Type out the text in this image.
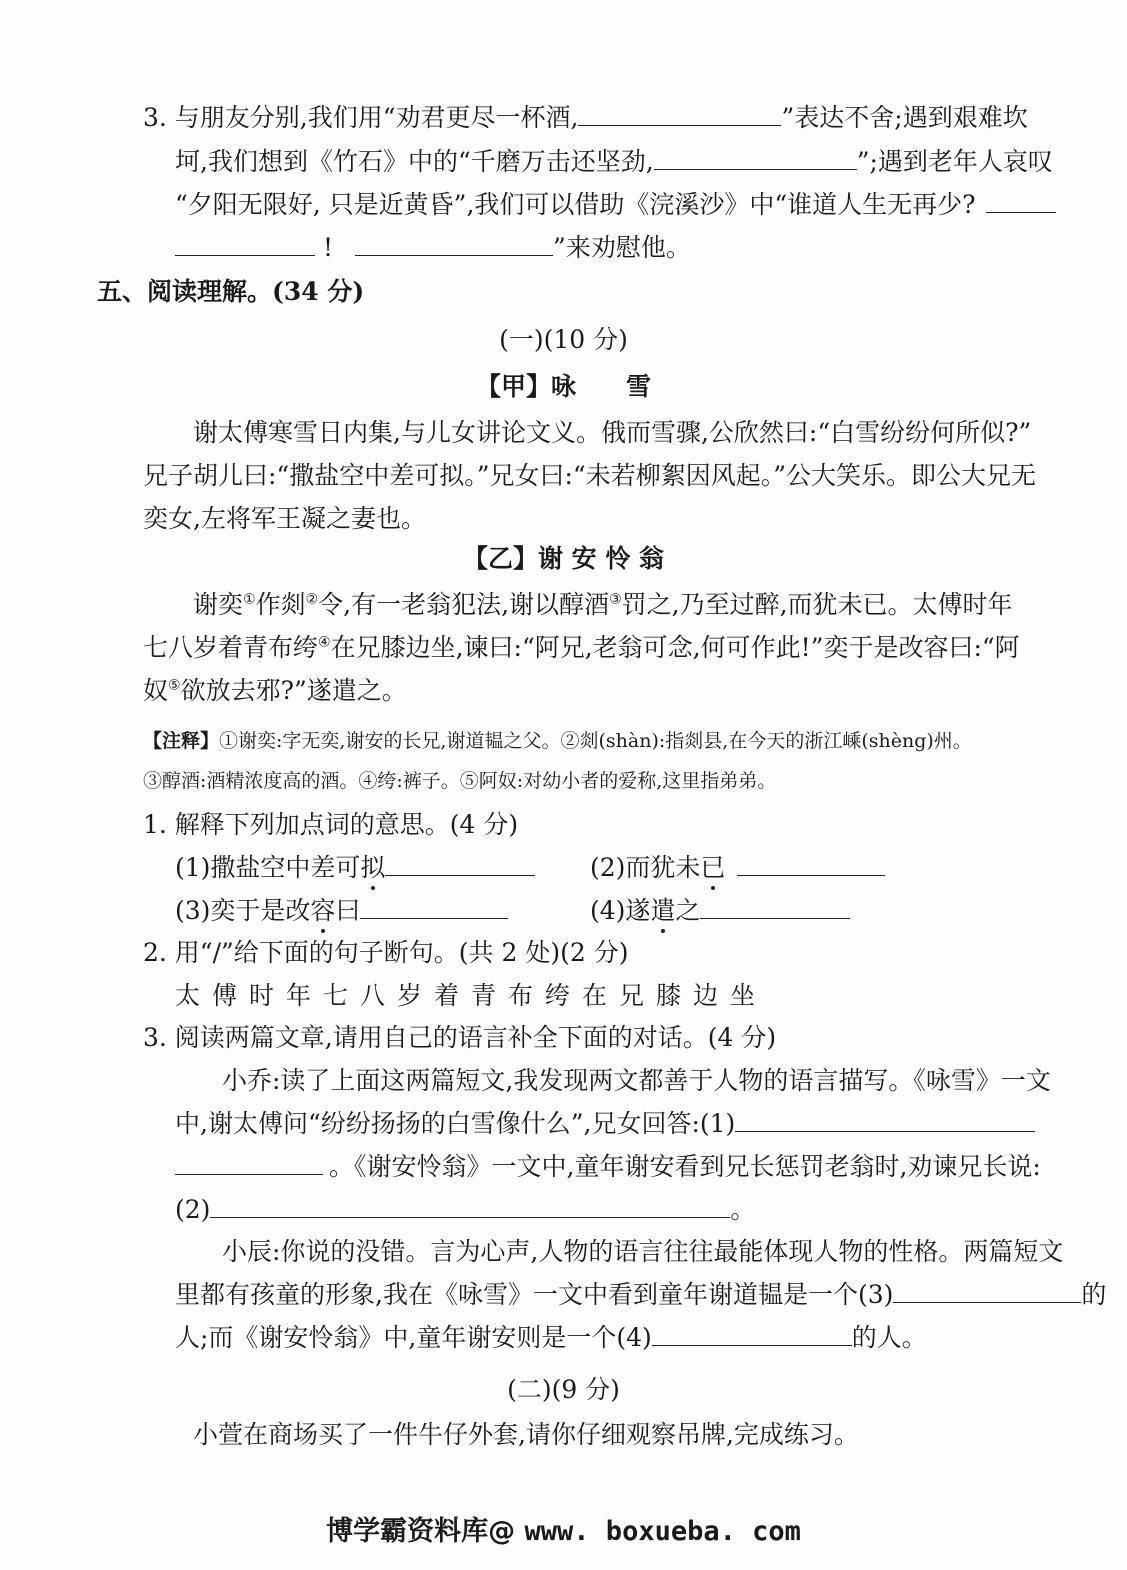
3. 与朋友分别,我们用“劝君更尽一杯酒,	”表达不舍;遇到艰难坎
坷,我们想到《竹石》中的“千磨万击还坚劲,	”;遇到老年人哀叹
“夕阳无限好, 只是近黄昏”,我们可以借助《浣溪沙》中“谁道人生无再少?
!	”来劝慰他。
五、阅读理解。(34 分)
(一)(10 分)
【甲】咏　　雪
谢太傅寒雪日内集,与儿女讲论文义。俄而雪骤,公欣然曰:“白雪纷纷何所似?”
兄子胡儿曰:“撒盐空中差可拟。”兄女曰:“未若柳絮因风起。”公大笑乐。即公大兄无
奕女,左将军王凝之妻也。
【乙】谢 安 怜 翁
谢奕①作剡②令,有一老翁犯法,谢以醇酒③罚之,乃至过醉,而犹未已。太傅时年
七八岁着青布绔④在兄膝边坐,谏曰:“阿兄,老翁可念,何可作此!”奕于是改容曰:“阿
奴⑤欲放去邪?”遂遣之。
【注释】①谢奕:字无奕,谢安的长兄,谢道韫之父。②剡(shàn):指剡县,在今天的浙江嵊(shèng)州。
③醇酒:酒精浓度高的酒。④绔:裤子。⑤阿奴:对幼小者的爱称,这里指弟弟。
1. 解释下列加点词的意思。(4 分)
(1)撒盐空中差可拟	(2)而犹未已
(3)奕于是改容曰	(4)遂遣之
2. 用“/”给下面的句子断句。(共 2 处)(2 分)
太傅时年七八岁着青布绔在兄膝边坐
3. 阅读两篇文章,请用自己的语言补全下面的对话。(4 分)
小乔:读了上面这两篇短文,我发现两文都善于人物的语言描写。《咏雪》一文
中,谢太傅问“纷纷扬扬的白雪像什么”,兄女回答:(1)
。《谢安怜翁》一文中,童年谢安看到兄长惩罚老翁时,劝谏兄长说:
(2)	。
小辰:你说的没错。言为心声,人物的语言往往最能体现人物的性格。两篇短文
里都有孩童的形象,我在《咏雪》一文中看到童年谢道韫是一个(3)	的
人;而《谢安怜翁》中,童年谢安则是一个(4)	的人。
(二)(9 分)
小萱在商场买了一件牛仔外套,请你仔细观察吊牌,完成练习。
博学霸资料库@ www. boxueba. com
